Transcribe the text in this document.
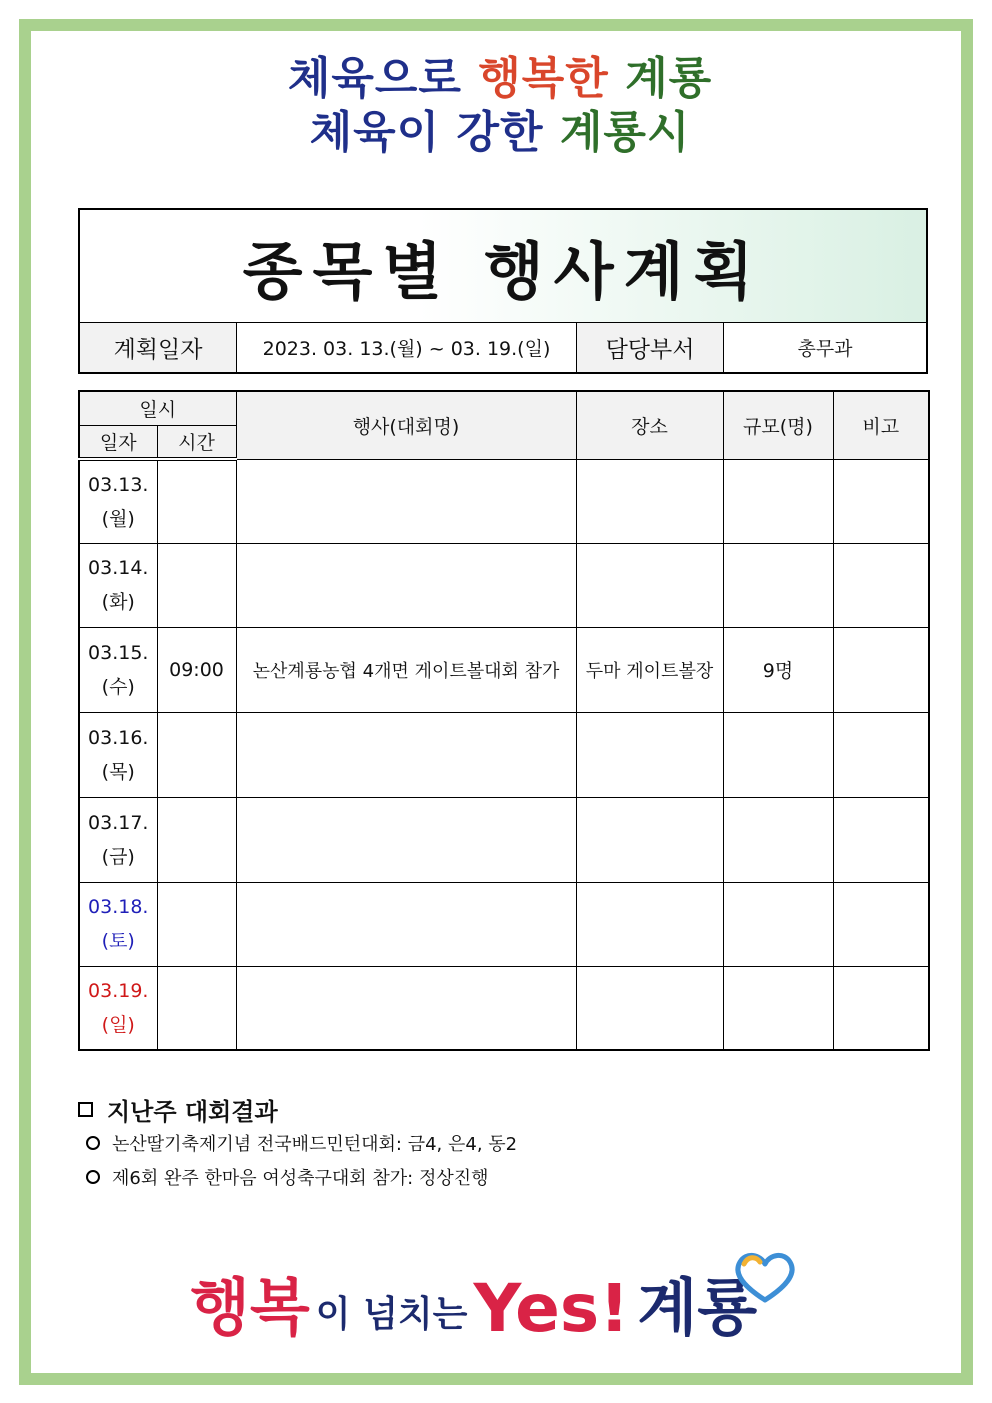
체육으로 행복한 계룡
체육이 강한 계룡시
종목별 행사계획
계획일자	2023. 03. 13.(월) ~ 03. 19.(일)	담당부서	총무과
일시		행사(대회명)	장소	규모(명)	비고
일자	시간				

03.13.
(월)					

03.14.
(화)					

03.15.
(수)	09:00	논산계룡농협 4개면 게이트볼대회 참가	두마 게이트볼장	9명	

03.16.
(목)					

03.17.
(금)					

03.18.
(토)					

03.19.
(일)					

지난주 대회결과
논산딸기축제기념 전국배드민턴대회: 금4, 은4, 동2
제6회 완주 한마음 여성축구대회 참가: 정상진행
행복 이 넘치는 Yes! 계룡
